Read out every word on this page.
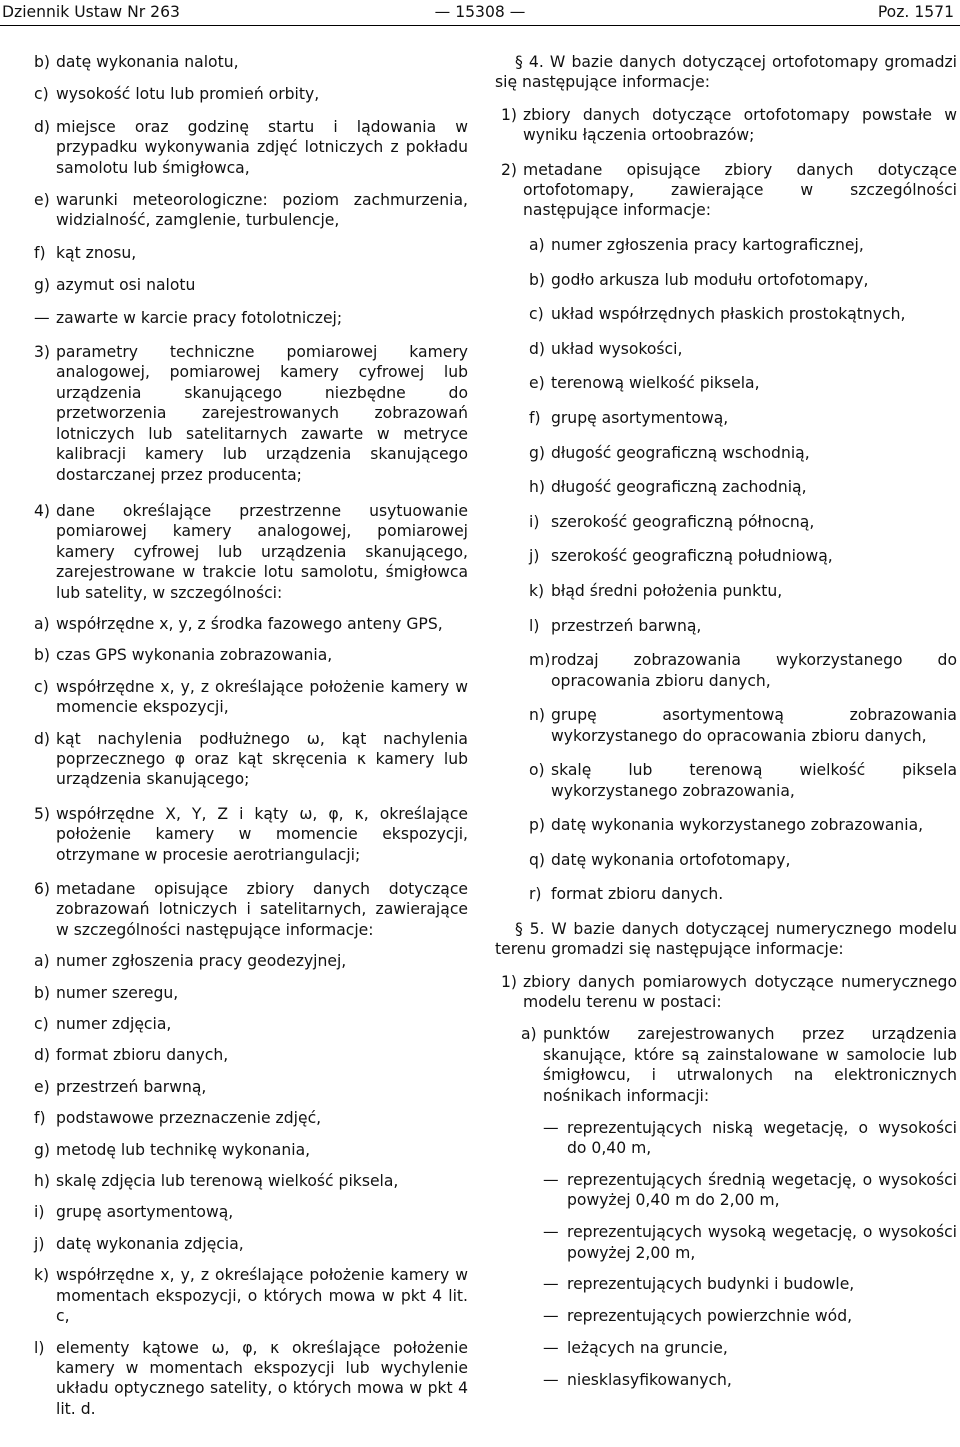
Dziennik Ustaw Nr 263	— 15308 —	Poz. 1571
b) datę wykonania nalotu,
c) wysokość lotu lub promień orbity,
d) miejsce oraz godzinę startu i lądowania w przypadku wykonywania zdjęć lotniczych z pokładu samolotu lub śmigłowca,
e) warunki meteorologiczne: poziom zachmurzenia, widzialność, zamglenie, turbulencje,
f) kąt znosu,
g) azymut osi nalotu
— zawarte w karcie pracy fotolotniczej;
3) parametry techniczne pomiarowej kamery analogowej, pomiarowej kamery cyfrowej lub urządzenia skanującego niezbędne do przetworzenia zarejestrowanych zobrazowań lotniczych lub satelitarnych zawarte w metryce kalibracji kamery lub urządzenia skanującego dostarczanej przez producenta;
4) dane określające przestrzenne usytuowanie pomiarowej kamery analogowej, pomiarowej kamery cyfrowej lub urządzenia skanującego, zarejestrowane w trakcie lotu samolotu, śmigłowca lub satelity, w szczególności:
a) współrzędne x, y, z środka fazowego anteny GPS,
b) czas GPS wykonania zobrazowania,
c) współrzędne x, y, z określające położenie kamery w momencie ekspozycji,
d) kąt nachylenia podłużnego ω, kąt nachylenia poprzecznego φ oraz kąt skręcenia κ kamery lub urządzenia skanującego;
5) współrzędne X, Y, Z i kąty ω, φ, κ, określające położenie kamery w momencie ekspozycji, otrzymane w procesie aerotriangulacji;
6) metadane opisujące zbiory danych dotyczące zobrazowań lotniczych i satelitarnych, zawierające w szczególności następujące informacje:
a) numer zgłoszenia pracy geodezyjnej,
b) numer szeregu,
c) numer zdjęcia,
d) format zbioru danych,
e) przestrzeń barwną,
f) podstawowe przeznaczenie zdjęć,
g) metodę lub technikę wykonania,
h) skalę zdjęcia lub terenową wielkość piksela,
i) grupę asortymentową,
j) datę wykonania zdjęcia,
k) współrzędne x, y, z określające położenie kamery w momentach ekspozycji, o których mowa w pkt 4 lit. c,
l) elementy kątowe ω, φ, κ określające położenie kamery w momentach ekspozycji lub wychylenie układu optycznego satelity, o których mowa w pkt 4 lit. d.

§ 4. W bazie danych dotyczącej ortofotomapy gromadzi się następujące informacje:

1) zbiory danych dotyczące ortofotomapy powstałe w wyniku łączenia ortoobrazów;
2) metadane opisujące zbiory danych dotyczące ortofotomapy, zawierające w szczególności następujące informacje:
a) numer zgłoszenia pracy kartograficznej,
b) godło arkusza lub modułu ortofotomapy,
c) układ współrzędnych płaskich prostokątnych,
d) układ wysokości,
e) terenową wielkość piksela,
f) grupę asortymentową,
g) długość geograficzną wschodnią,
h) długość geograficzną zachodnią,
i) szerokość geograficzną północną,
j) szerokość geograficzną południową,
k) błąd średni położenia punktu,
l) przestrzeń barwną,
m) rodzaj zobrazowania wykorzystanego do opracowania zbioru danych,
n) grupę asortymentową zobrazowania wykorzystanego do opracowania zbioru danych,
o) skalę lub terenową wielkość piksela wykorzystanego zobrazowania,
p) datę wykonania wykorzystanego zobrazowania,
q) datę wykonania ortofotomapy,
r) format zbioru danych.

§ 5. W bazie danych dotyczącej numerycznego modelu terenu gromadzi się następujące informacje:

1) zbiory danych pomiarowych dotyczące numerycznego modelu terenu w postaci:
a) punktów zarejestrowanych przez urządzenia skanujące, które są zainstalowane w samolocie lub śmigłowcu, i utrwalonych na elektronicznych nośnikach informacji:
— reprezentujących niską wegetację, o wysokości do 0,40 m,
— reprezentujących średnią wegetację, o wysokości powyżej 0,40 m do 2,00 m,
— reprezentujących wysoką wegetację, o wysokości powyżej 2,00 m,
— reprezentujących budynki i budowle,
— reprezentujących powierzchnie wód,
— leżących na gruncie,
— niesklasyfikowanych,
